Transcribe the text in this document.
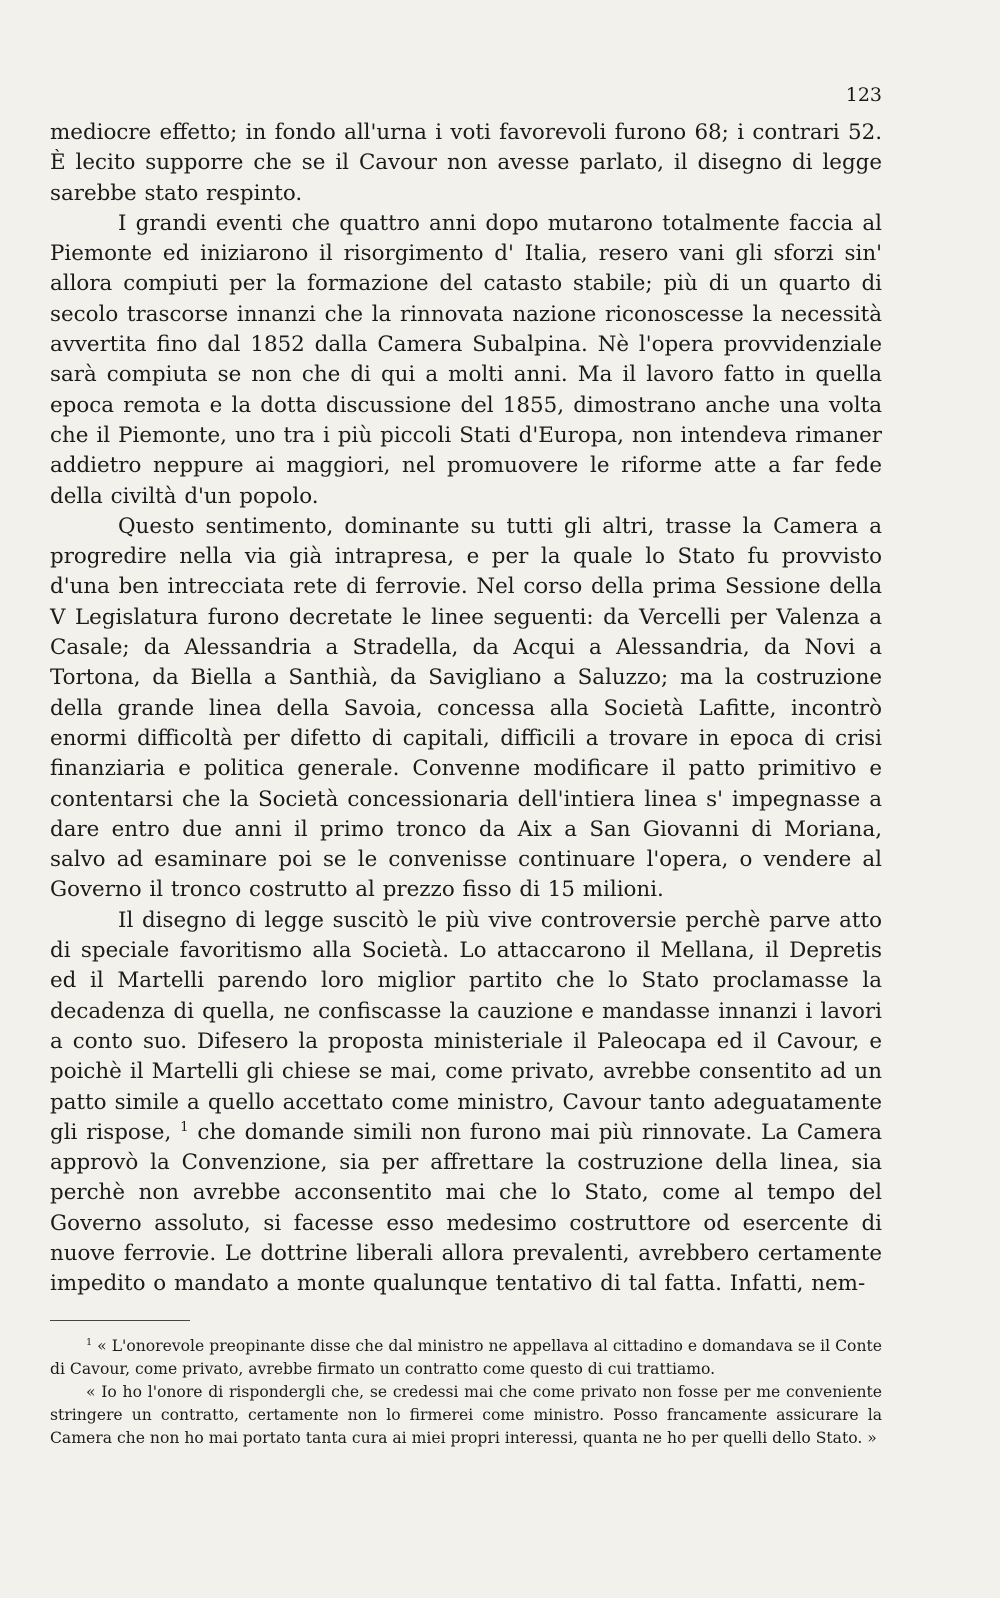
123

mediocre effetto; in fondo all'urna i voti favorevoli furono 68; i contrari 52. È lecito supporre che se il Cavour non avesse parlato, il disegno di legge sarebbe stato respinto.

I grandi eventi che quattro anni dopo mutarono totalmente faccia al Piemonte ed iniziarono il risorgimento d' Italia, resero vani gli sforzi sin' allora compiuti per la formazione del catasto stabile; più di un quarto di secolo trascorse innanzi che la rinnovata nazione riconoscesse la necessità avvertita fino dal 1852 dalla Camera Subalpina. Nè l'opera provvidenziale sarà compiuta se non che di qui a molti anni. Ma il lavoro fatto in quella epoca remota e la dotta discussione del 1855, dimostrano anche una volta che il Piemonte, uno tra i più piccoli Stati d'Europa, non intendeva rimaner addietro neppure ai maggiori, nel promuovere le riforme atte a far fede della civiltà d'un popolo.

Questo sentimento, dominante su tutti gli altri, trasse la Camera a progredire nella via già intrapresa, e per la quale lo Stato fu provvisto d'una ben intrecciata rete di ferrovie. Nel corso della prima Sessione della V Legislatura furono decretate le linee seguenti: da Vercelli per Valenza a Casale; da Alessandria a Stradella, da Acqui a Alessandria, da Novi a Tortona, da Biella a Santhià, da Savigliano a Saluzzo; ma la costruzione della grande linea della Savoia, concessa alla Società Lafitte, incontrò enormi difficoltà per difetto di capitali, difficili a trovare in epoca di crisi finanziaria e politica generale. Convenne modificare il patto primitivo e contentarsi che la Società concessionaria dell'intiera linea s' impegnasse a dare entro due anni il primo tronco da Aix a San Giovanni di Moriana, salvo ad esaminare poi se le convenisse continuare l'opera, o vendere al Governo il tronco costrutto al prezzo fisso di 15 milioni.

Il disegno di legge suscitò le più vive controversie perchè parve atto di speciale favoritismo alla Società. Lo attaccarono il Mellana, il Depretis ed il Martelli parendo loro miglior partito che lo Stato proclamasse la decadenza di quella, ne confiscasse la cauzione e mandasse innanzi i lavori a conto suo. Difesero la proposta ministeriale il Paleocapa ed il Cavour, e poichè il Martelli gli chiese se mai, come privato, avrebbe consentito ad un patto simile a quello accettato come ministro, Cavour tanto adeguatamente gli rispose, $^1$ che domande simili non furono mai più rinnovate. La Camera approvò la Convenzione, sia per affrettare la costruzione della linea, sia perchè non avrebbe acconsentito mai che lo Stato, come al tempo del Governo assoluto, si facesse esso medesimo costruttore od esercente di nuove ferrovie. Le dottrine liberali allora prevalenti, avrebbero certamente impedito o mandato a monte qualunque tentativo di tal fatta. Infatti, nem-

$^1$ « L'onorevole preopinante disse che dal ministro ne appellava al cittadino e domandava se il Conte di Cavour, come privato, avrebbe firmato un contratto come questo di cui trattiamo.

« Io ho l'onore di rispondergli che, se credessi mai che come privato non fosse per me conveniente stringere un contratto, certamente non lo firmerei come ministro. Posso francamente assicurare la Camera che non ho mai portato tanta cura ai miei propri interessi, quanta ne ho per quelli dello Stato. »
